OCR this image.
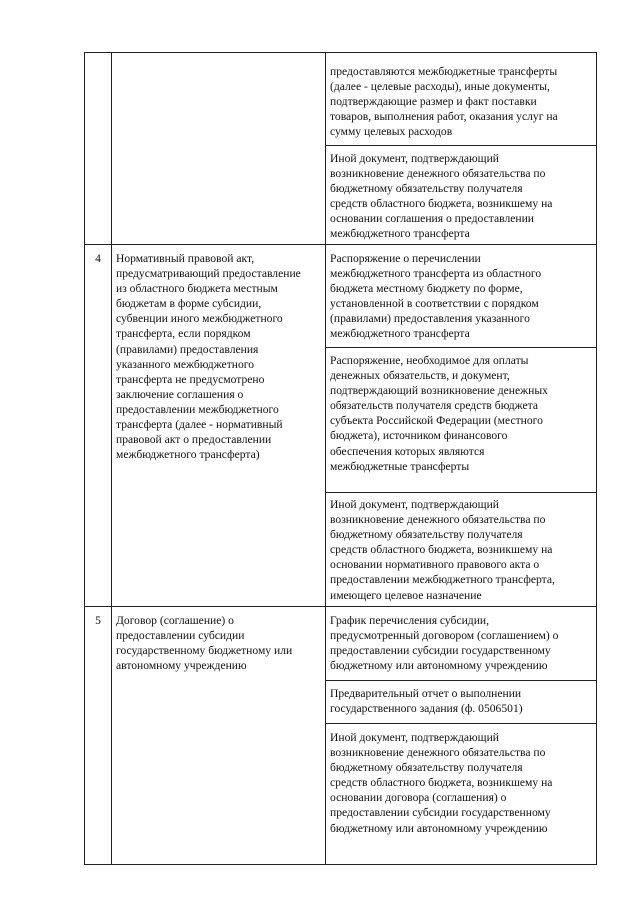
предоставляются межбюджетные трансферты
(далее - целевые расходы), иные документы,
подтверждающие размер и факт поставки
товаров, выполнения работ, оказания услуг на
сумму целевых расходов
Иной документ, подтверждающий
возникновение денежного обязательства по
бюджетному обязательству получателя
средств областного бюджета, возникшему на
основании соглашения о предоставлении
межбюджетного трансферта
4	Нормативный правовой акт,
предусматривающий предоставление
из областного бюджета местным
бюджетам в форме субсидии,
субвенции иного межбюджетного
трансферта, если порядком
(правилами) предоставления
указанного межбюджетного
трансферта не предусмотрено
заключение соглашения о
предоставлении межбюджетного
трансферта (далее - нормативный
правовой акт о предоставлении
межбюджетного трансферта)
Распоряжение о перечислении
межбюджетного трансферта из областного
бюджета местному бюджету по форме,
установленной в соответствии с порядком
(правилами) предоставления указанного
межбюджетного трансферта
Распоряжение, необходимое для оплаты
денежных обязательств, и документ,
подтверждающий возникновение денежных
обязательств получателя средств бюджета
субъекта Российской Федерации (местного
бюджета), источником финансового
обеспечения которых являются
межбюджетные трансферты
Иной документ, подтверждающий
возникновение денежного обязательства по
бюджетному обязательству получателя
средств областного бюджета, возникшему на
основании нормативного правового акта о
предоставлении межбюджетного трансферта,
имеющего целевое назначение
5	Договор (соглашение) о
предоставлении субсидии
государственному бюджетному или
автономному учреждению
График перечисления субсидии,
предусмотренный договором (соглашением) о
предоставлении субсидии государственному
бюджетному или автономному учреждению
Предварительный отчет о выполнении
государственного задания (ф. 0506501)
Иной документ, подтверждающий
возникновение денежного обязательства по
бюджетному обязательству получателя
средств областного бюджета, возникшему на
основании договора (соглашения) о
предоставлении субсидии государственному
бюджетному или автономному учреждению
